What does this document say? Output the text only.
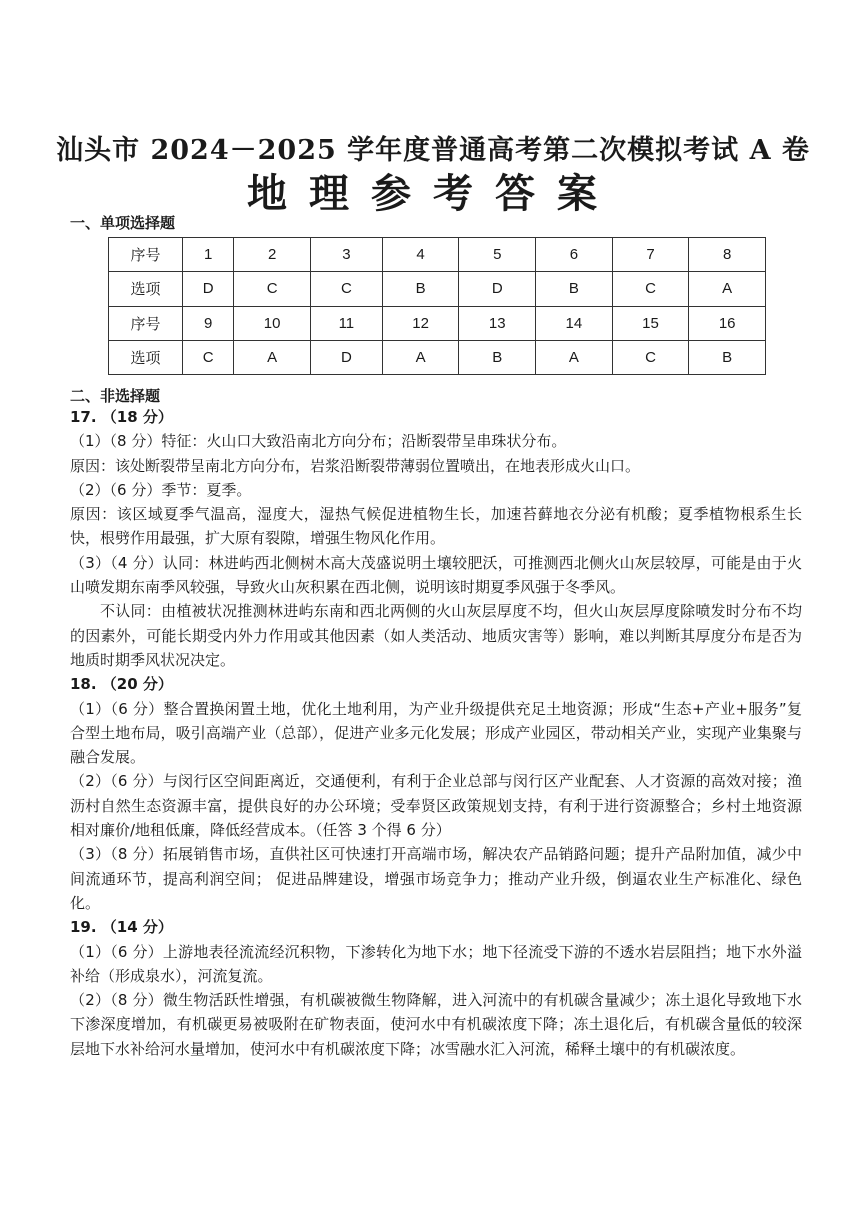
汕头市 2024－2025 学年度普通高考第二次模拟考试 A 卷
地理参考答案
一、单项选择题
序号	1	2	3	4	5	6	7	8
选项	D	C	C	B	D	B	C	A
序号	9	10	11	12	13	14	15	16
选项	C	A	D	A	B	A	C	B
二、非选择题

17. （18 分）

（1）（8 分）特征：火山口大致沿南北方向分布；沿断裂带呈串珠状分布。

原因：该处断裂带呈南北方向分布，岩浆沿断裂带薄弱位置喷出，在地表形成火山口。

（2）（6 分）季节：夏季。

原因：该区域夏季气温高，湿度大，湿热气候促进植物生长，加速苔藓地衣分泌有机酸；夏季植物根系生长快，根劈作用最强，扩大原有裂隙，增强生物风化作用。

（3）（4 分）认同：林进屿西北侧树木高大茂盛说明土壤较肥沃，可推测西北侧火山灰层较厚，可能是由于火山喷发期东南季风较强，导致火山灰积累在西北侧，说明该时期夏季风强于冬季风。

不认同：由植被状况推测林进屿东南和西北两侧的火山灰层厚度不均，但火山灰层厚度除喷发时分布不均的因素外，可能长期受内外力作用或其他因素（如人类活动、地质灾害等）影响，难以判断其厚度分布是否为地质时期季风状况决定。

18. （20 分）

（1）（6 分）整合置换闲置土地，优化土地利用，为产业升级提供充足土地资源；形成“生态+产业+服务”复合型土地布局，吸引高端产业（总部），促进产业多元化发展；形成产业园区，带动相关产业，实现产业集聚与融合发展。

（2）（6 分）与闵行区空间距离近，交通便利，有利于企业总部与闵行区产业配套、人才资源的高效对接；渔沥村自然生态资源丰富，提供良好的办公环境；受奉贤区政策规划支持，有利于进行资源整合；乡村土地资源相对廉价/地租低廉，降低经营成本。（任答 3 个得 6 分）

（3）（8 分）拓展销售市场，直供社区可快速打开高端市场，解决农产品销路问题；提升产品附加值，减少中间流通环节，提高利润空间； 促进品牌建设，增强市场竞争力；推动产业升级，倒逼农业生产标准化、绿色化。

19. （14 分）

（1）（6 分）上游地表径流流经沉积物，下渗转化为地下水；地下径流受下游的不透水岩层阻挡；地下水外溢补给（形成泉水），河流复流。

（2）（8 分）微生物活跃性增强，有机碳被微生物降解，进入河流中的有机碳含量减少；冻土退化导致地下水下渗深度增加，有机碳更易被吸附在矿物表面，使河水中有机碳浓度下降；冻土退化后，有机碳含量低的较深层地下水补给河水量增加，使河水中有机碳浓度下降；冰雪融水汇入河流，稀释土壤中的有机碳浓度。
